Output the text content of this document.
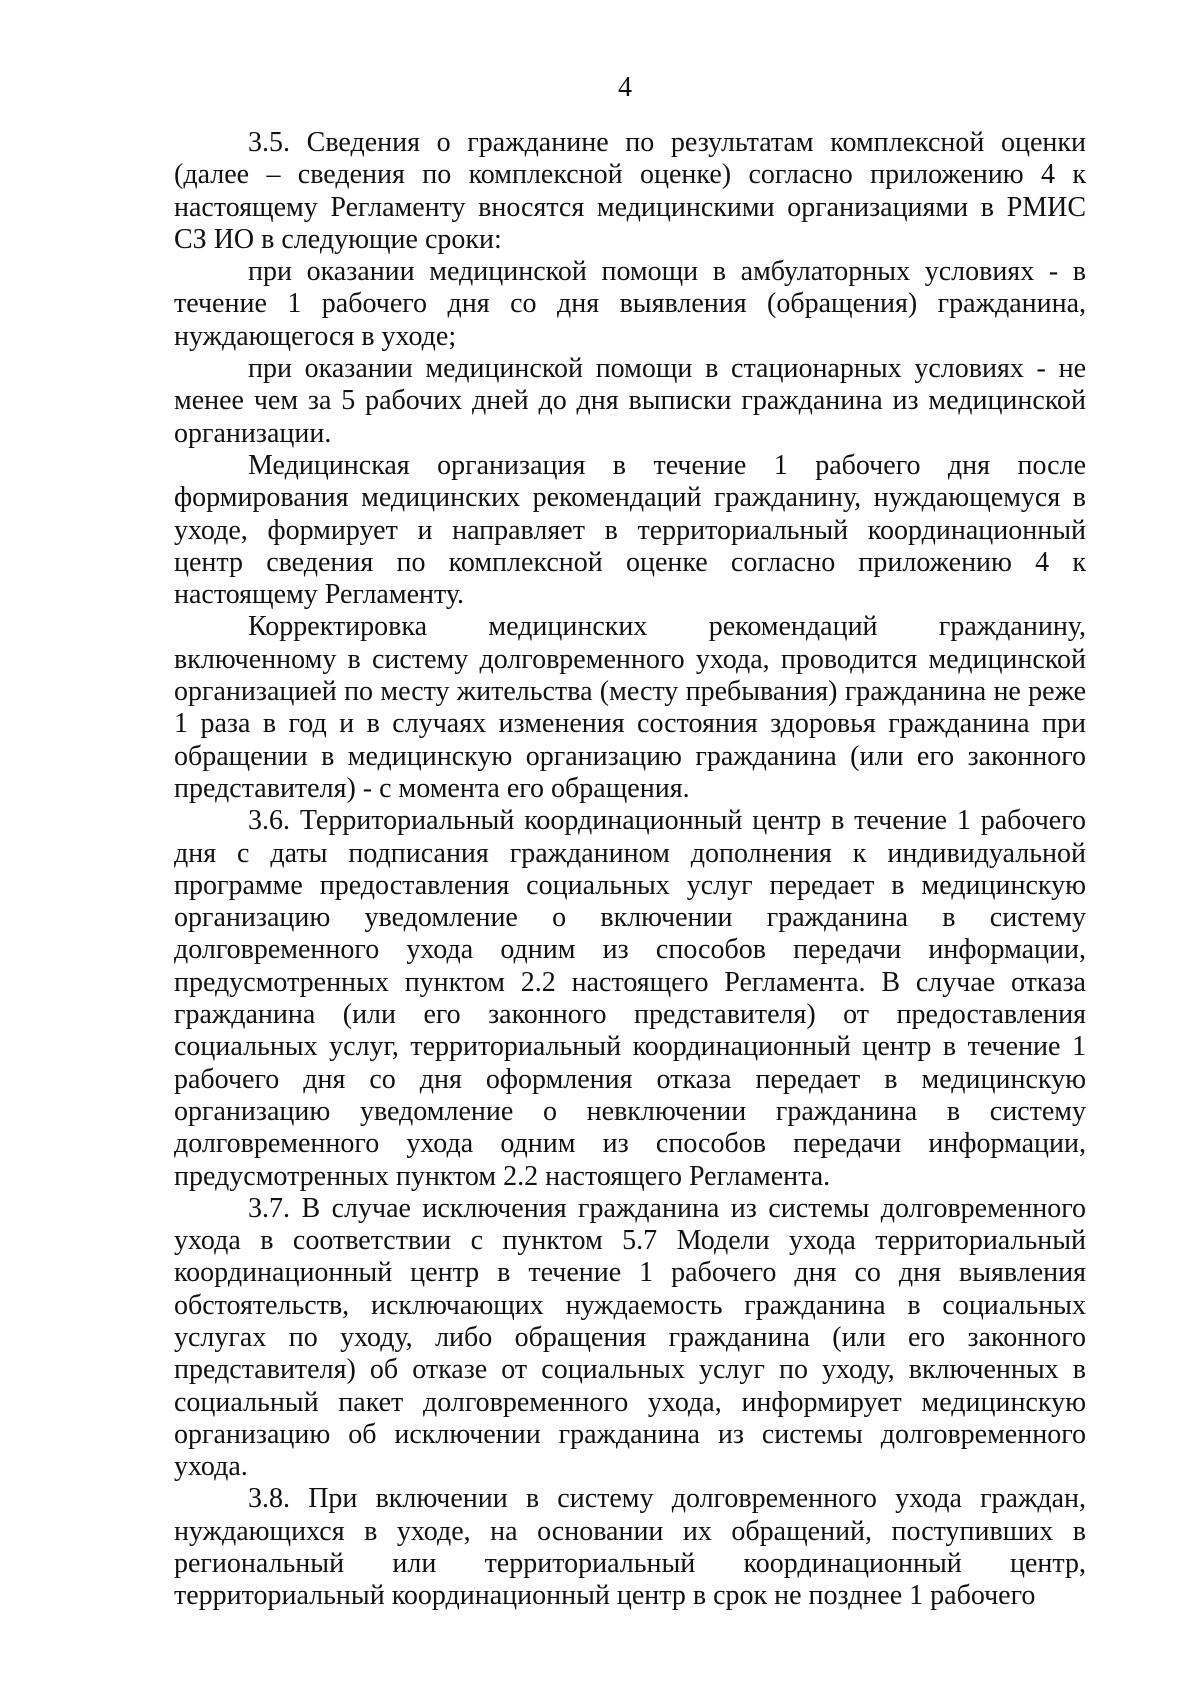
4

3.5. Сведения о гражданине по результатам комплексной оценки (далее – сведения по комплексной оценке) согласно приложению 4 к настоящему Регламенту вносятся медицинскими организациями в РМИС СЗ ИО в следующие сроки:

при оказании медицинской помощи в амбулаторных условиях - в течение 1 рабочего дня со дня выявления (обращения) гражданина, нуждающегося в уходе;

при оказании медицинской помощи в стационарных условиях - не менее чем за 5 рабочих дней до дня выписки гражданина из медицинской организации.

Медицинская организация в течение 1 рабочего дня после формирования медицинских рекомендаций гражданину, нуждающемуся в уходе, формирует и направляет в территориальный координационный центр сведения по комплексной оценке согласно приложению 4 к настоящему Регламенту.

Корректировка медицинских рекомендаций гражданину, включенному в систему долговременного ухода, проводится медицинской организацией по месту жительства (месту пребывания) гражданина не реже 1 раза в год и в случаях изменения состояния здоровья гражданина при обращении в медицинскую организацию гражданина (или его законного представителя) - с момента его обращения.

3.6. Территориальный координационный центр в течение 1 рабочего дня с даты подписания гражданином дополнения к индивидуальной программе предоставления социальных услуг передает в медицинскую организацию уведомление о включении гражданина в систему долговременного ухода одним из способов передачи информации, предусмотренных пунктом 2.2 настоящего Регламента. В случае отказа гражданина (или его законного представителя) от предоставления социальных услуг, территориальный координационный центр в течение 1 рабочего дня со дня оформления отказа передает в медицинскую организацию уведомление о невключении гражданина в систему долговременного ухода одним из способов передачи информации, предусмотренных пунктом 2.2 настоящего Регламента.

3.7. В случае исключения гражданина из системы долговременного ухода в соответствии с пунктом 5.7 Модели ухода территориальный координационный центр в течение 1 рабочего дня со дня выявления обстоятельств, исключающих нуждаемость гражданина в социальных услугах по уходу, либо обращения гражданина (или его законного представителя) об отказе от социальных услуг по уходу, включенных в социальный пакет долговременного ухода, информирует медицинскую организацию об исключении гражданина из системы долговременного ухода.

3.8. При включении в систему долговременного ухода граждан, нуждающихся в уходе, на основании их обращений, поступивших в региональный или территориальный координационный центр, территориальный координационный центр в срок не позднее 1 рабочего
